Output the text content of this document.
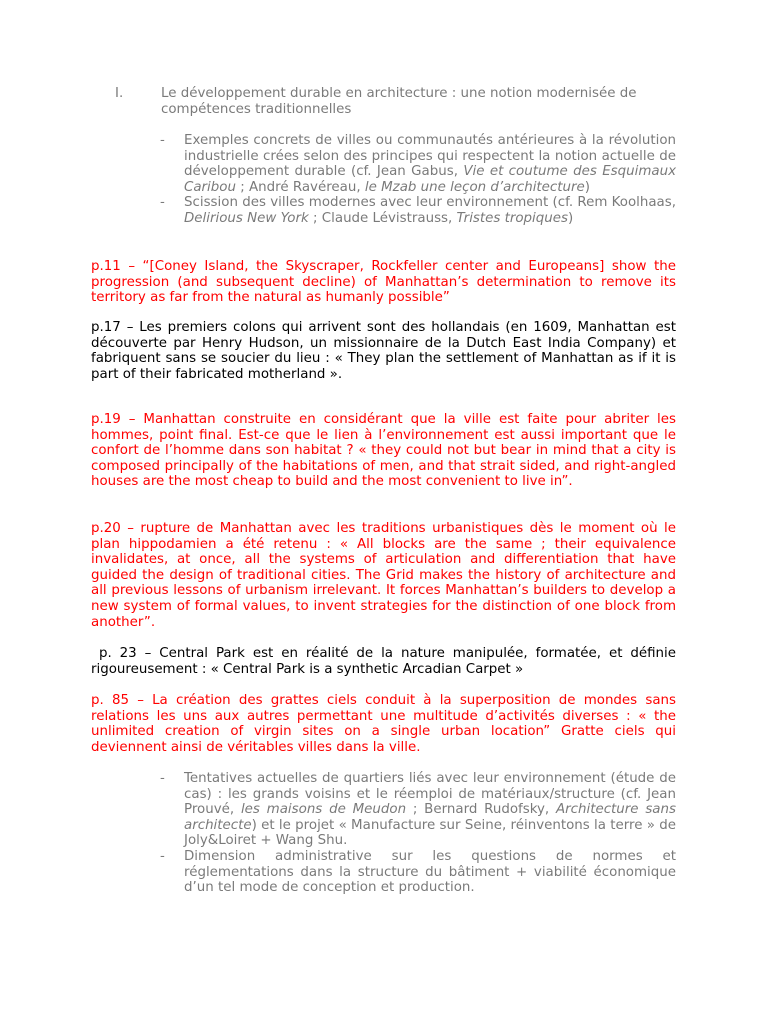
I.	Le développement durable en architecture : une notion modernisée de compétences traditionnelles
- Exemples concrets de villes ou communautés antérieures à la révolution industrielle crées selon des principes qui respectent la notion actuelle de développement durable (cf. Jean Gabus, Vie et coutume des Esquimaux Caribou ; André Ravéreau, le Mzab une leçon d’architecture)
- Scission des villes modernes avec leur environnement (cf. Rem Koolhaas, Delirious New York ; Claude Lévistrauss, Tristes tropiques)

p.11 – “[Coney Island, the Skyscraper, Rockfeller center and Europeans] show the progression (and subsequent decline) of Manhattan’s determination to remove its territory as far from the natural as humanly possible”

p.17 – Les premiers colons qui arrivent sont des hollandais (en 1609, Manhattan est découverte par Henry Hudson, un missionnaire de la Dutch East India Company) et fabriquent sans se soucier du lieu : « They plan the settlement of Manhattan as if it is part of their fabricated motherland ».

p.19 – Manhattan construite en considérant que la ville est faite pour abriter les hommes, point final. Est-ce que le lien à l’environnement est aussi important que le confort de l’homme dans son habitat ? « they could not but bear in mind that a city is composed principally of the habitations of men, and that strait sided, and right-angled houses are the most cheap to build and the most convenient to live in”.

p.20 – rupture de Manhattan avec les traditions urbanistiques dès le moment où le plan hippodamien a été retenu : « All blocks are the same ; their equivalence invalidates, at once, all the systems of articulation and differentiation that have guided the design of traditional cities. The Grid makes the history of architecture and all previous lessons of urbanism irrelevant. It forces Manhattan’s builders to develop a new system of formal values, to invent strategies for the distinction of one block from another”.

p. 23 – Central Park est en réalité de la nature manipulée, formatée, et définie rigoureusement : « Central Park is a synthetic Arcadian Carpet »

p. 85 – La création des grattes ciels conduit à la superposition de mondes sans relations les uns aux autres permettant une multitude d’activités diverses : « the unlimited creation of virgin sites on a single urban location” Gratte ciels qui deviennent ainsi de véritables villes dans la ville.

- Tentatives actuelles de quartiers liés avec leur environnement (étude de cas) : les grands voisins et le réemploi de matériaux/structure (cf. Jean Prouvé, les maisons de Meudon ; Bernard Rudofsky, Architecture sans architecte) et le projet « Manufacture sur Seine, réinventons la terre » de Joly&Loiret + Wang Shu.
- Dimension administrative sur les questions de normes et réglementations dans la structure du bâtiment + viabilité économique d’un tel mode de conception et production.
